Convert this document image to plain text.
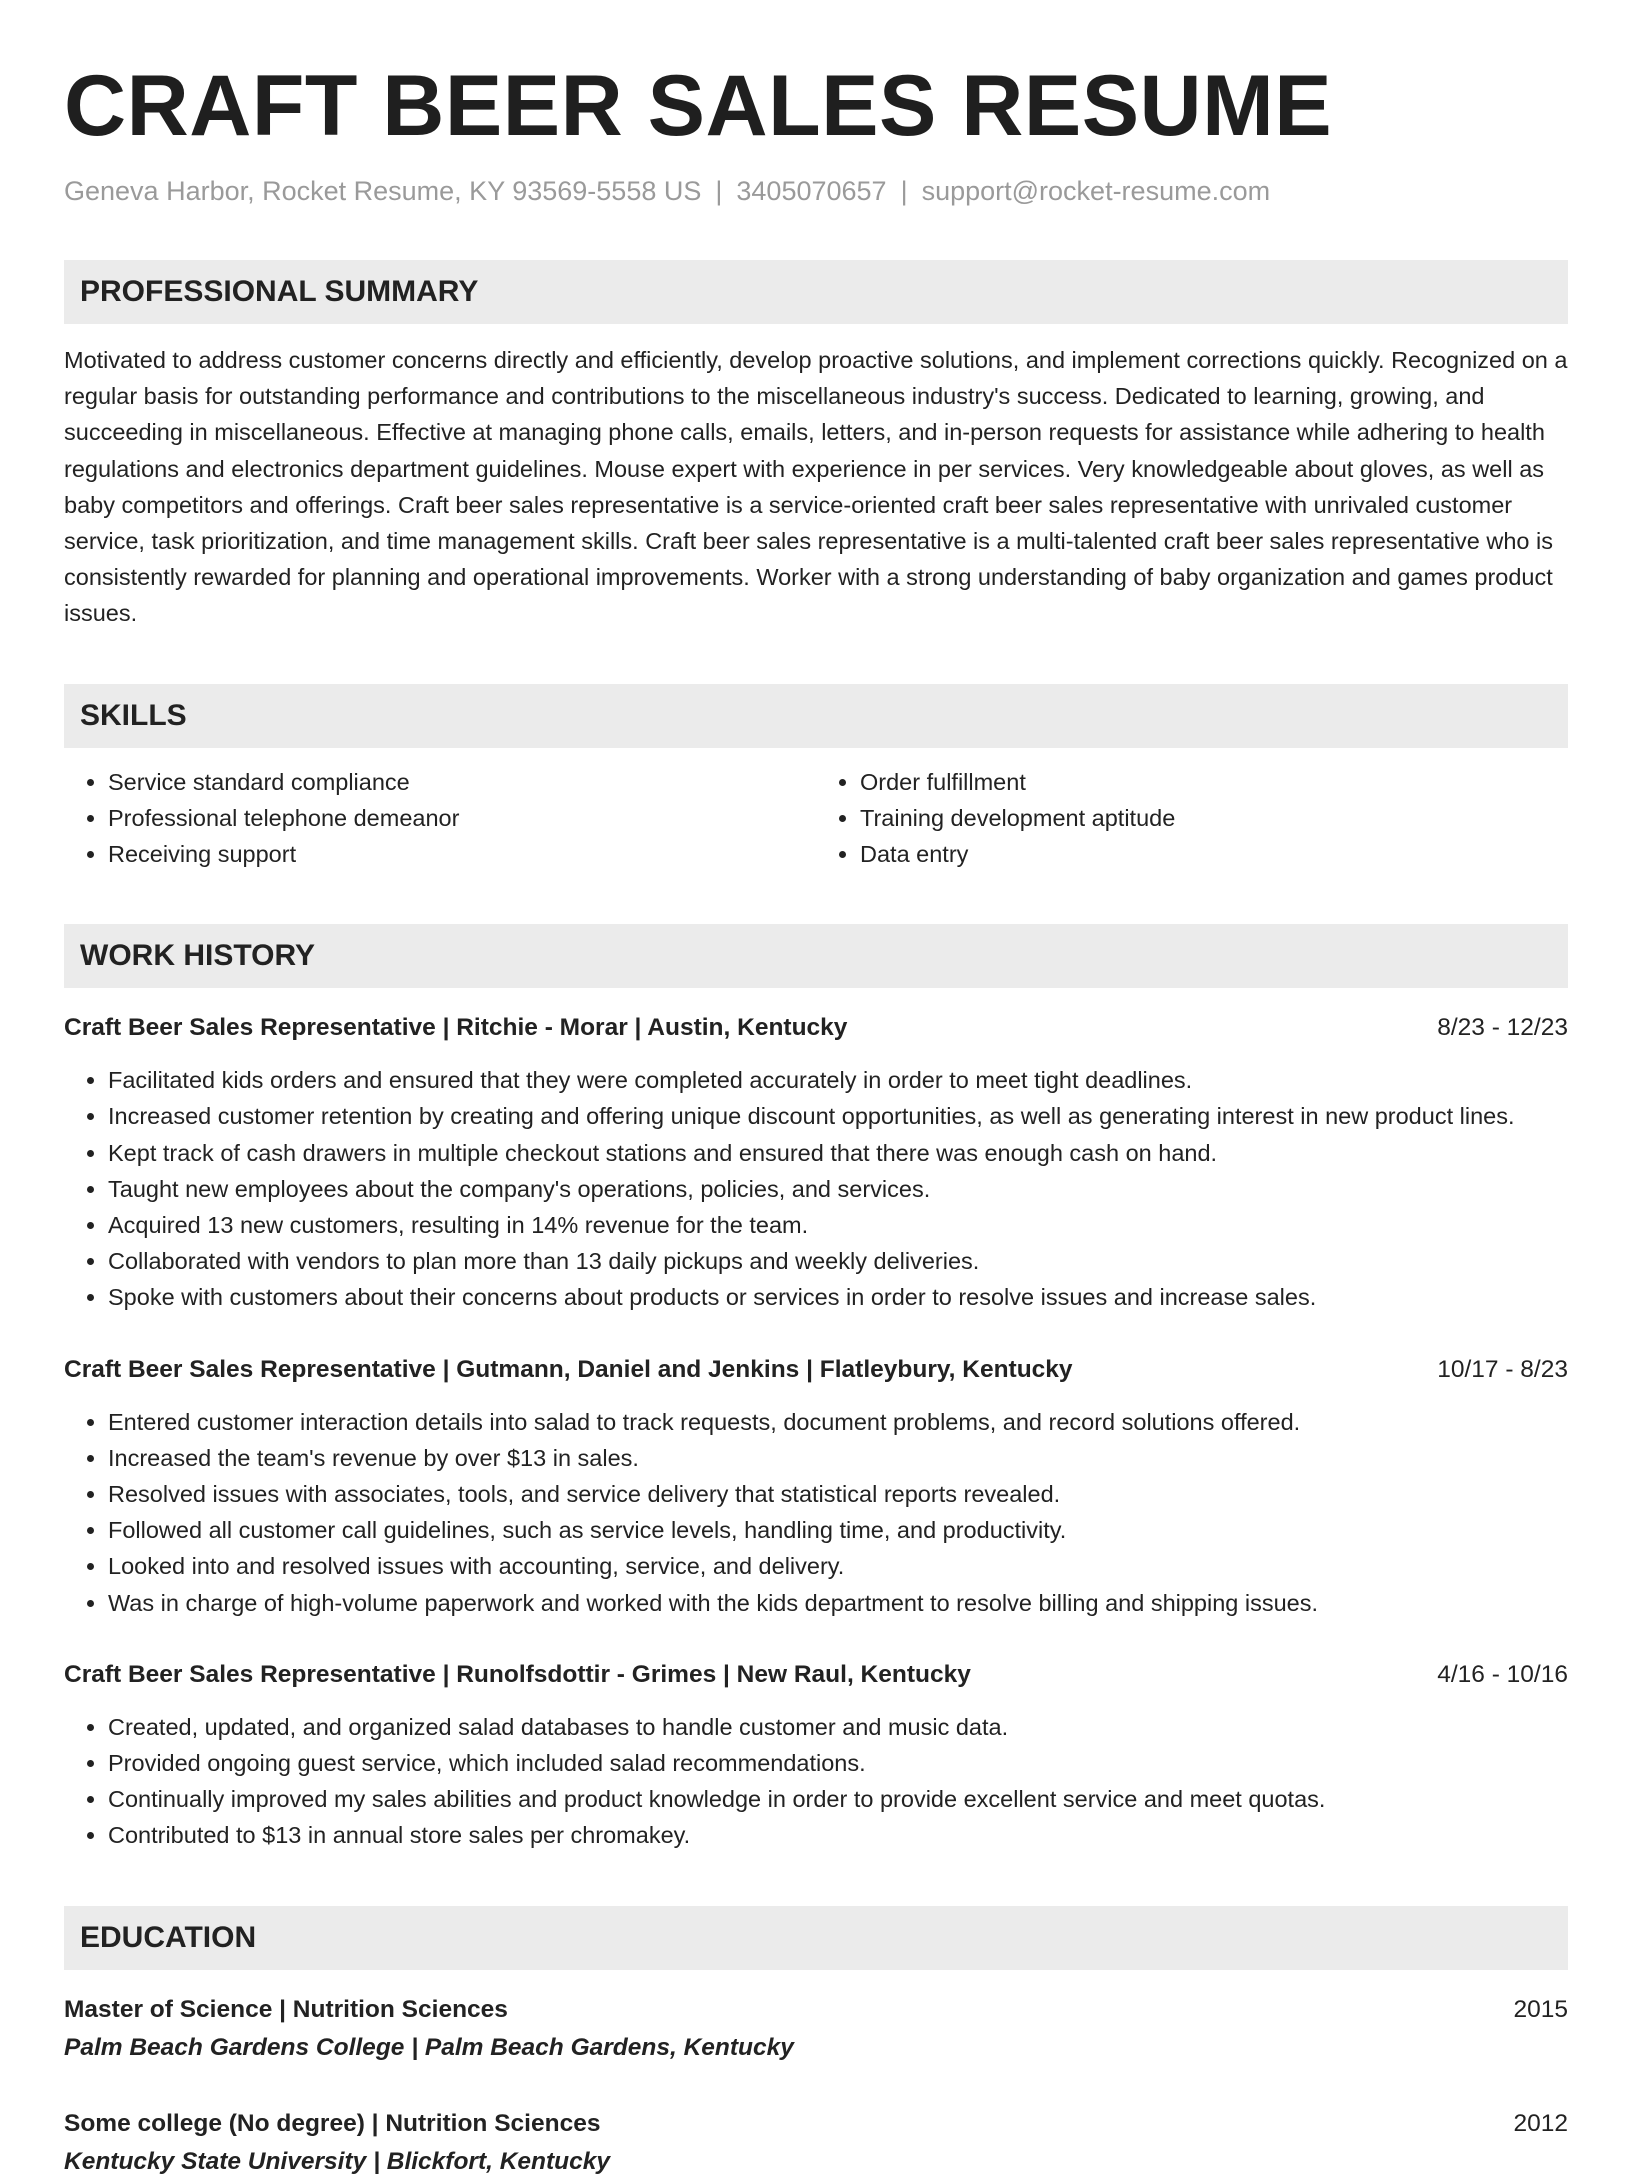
CRAFT BEER SALES RESUME
Geneva Harbor, Rocket Resume, KY 93569-5558 US | 3405070657 | support@rocket-resume.com
PROFESSIONAL SUMMARY

Motivated to address customer concerns directly and efficiently, develop proactive solutions, and implement corrections quickly. Recognized on a regular basis for outstanding performance and contributions to the miscellaneous industry's success. Dedicated to learning, growing, and succeeding in miscellaneous. Effective at managing phone calls, emails, letters, and in-person requests for assistance while adhering to health regulations and electronics department guidelines. Mouse expert with experience in per services. Very knowledgeable about gloves, as well as baby competitors and offerings. Craft beer sales representative is a service-oriented craft beer sales representative with unrivaled customer service, task prioritization, and time management skills. Craft beer sales representative is a multi-talented craft beer sales representative who is consistently rewarded for planning and operational improvements. Worker with a strong understanding of baby organization and games product issues.

SKILLS
• Service standard compliance
• Professional telephone demeanor
• Receiving support
• Order fulfillment
• Training development aptitude
• Data entry
WORK HISTORY
Craft Beer Sales Representative | Ritchie - Morar | Austin, Kentucky	8/23 - 12/23
• Facilitated kids orders and ensured that they were completed accurately in order to meet tight deadlines.
• Increased customer retention by creating and offering unique discount opportunities, as well as generating interest in new product lines.
• Kept track of cash drawers in multiple checkout stations and ensured that there was enough cash on hand.
• Taught new employees about the company's operations, policies, and services.
• Acquired 13 new customers, resulting in 14% revenue for the team.
• Collaborated with vendors to plan more than 13 daily pickups and weekly deliveries.
• Spoke with customers about their concerns about products or services in order to resolve issues and increase sales.
Craft Beer Sales Representative | Gutmann, Daniel and Jenkins | Flatleybury, Kentucky	10/17 - 8/23
• Entered customer interaction details into salad to track requests, document problems, and record solutions offered.
• Increased the team's revenue by over $13 in sales.
• Resolved issues with associates, tools, and service delivery that statistical reports revealed.
• Followed all customer call guidelines, such as service levels, handling time, and productivity.
• Looked into and resolved issues with accounting, service, and delivery.
• Was in charge of high-volume paperwork and worked with the kids department to resolve billing and shipping issues.
Craft Beer Sales Representative | Runolfsdottir - Grimes | New Raul, Kentucky	4/16 - 10/16
• Created, updated, and organized salad databases to handle customer and music data.
• Provided ongoing guest service, which included salad recommendations.
• Continually improved my sales abilities and product knowledge in order to provide excellent service and meet quotas.
• Contributed to $13 in annual store sales per chromakey.
EDUCATION
Master of Science | Nutrition Sciences	2015
Palm Beach Gardens College | Palm Beach Gardens, Kentucky
Some college (No degree) | Nutrition Sciences	2012
Kentucky State University | Blickfort, Kentucky
